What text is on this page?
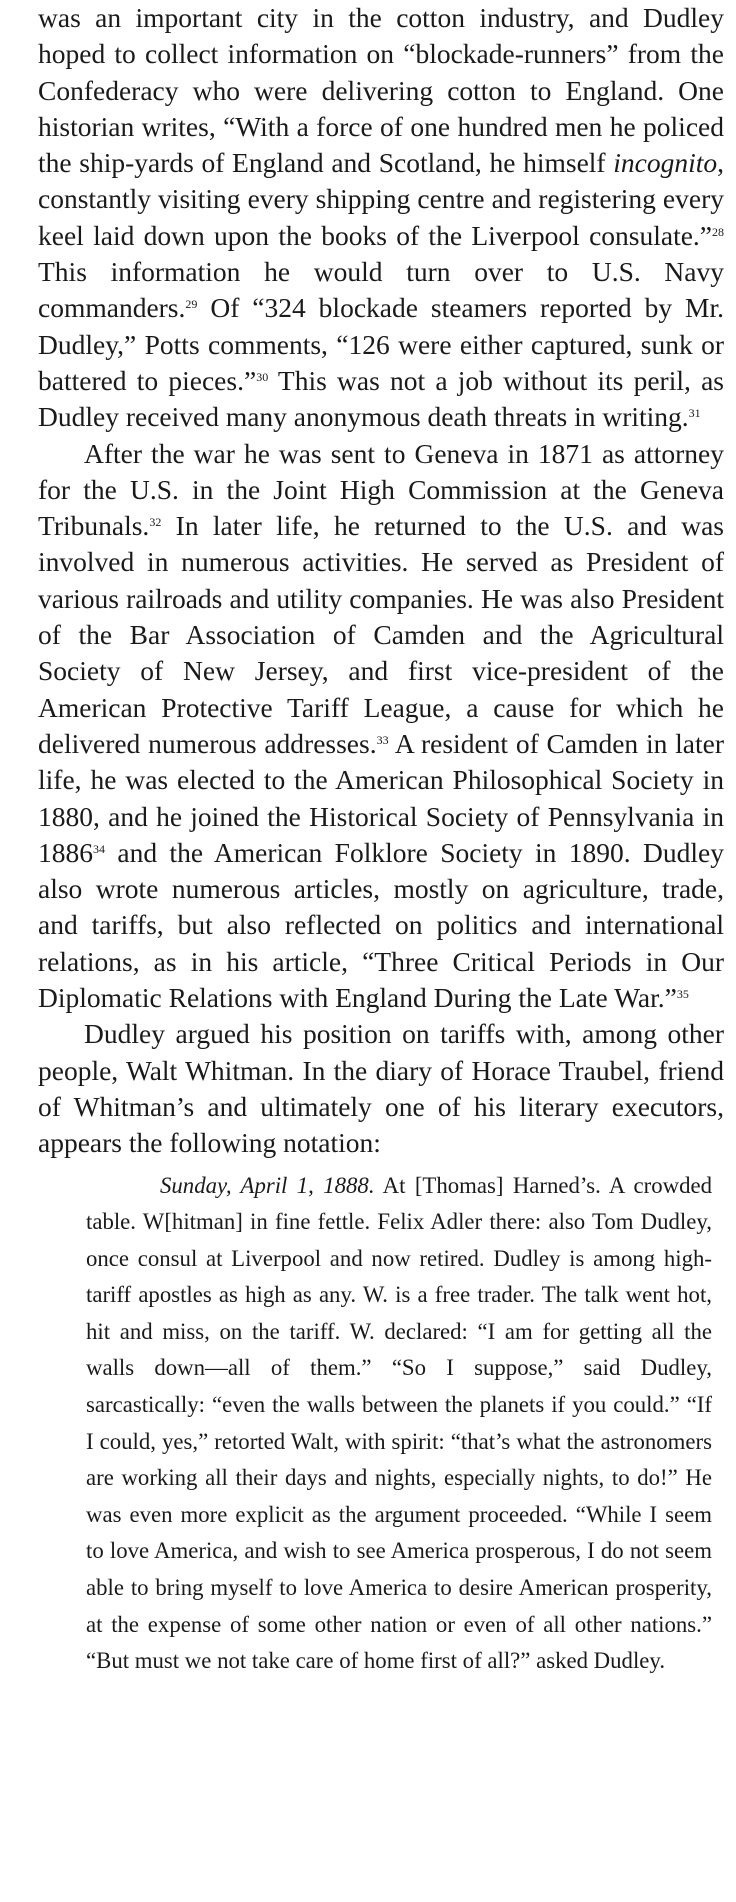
was an important city in the cotton industry, and Dudley hoped to collect information on “blockade-runners” from the Confederacy who were delivering cotton to England. One historian writes, “With a force of one hundred men he policed the ship-yards of England and Scotland, he himself incognito, constantly visiting every shipping centre and registering every keel laid down upon the books of the Liverpool consulate.”$^{28}$ This information he would turn over to U.S. Navy commanders.$^{29}$ Of “324 blockade steamers reported by Mr. Dudley,” Potts comments, “126 were either captured, sunk or battered to pieces.”$^{30}$ This was not a job without its peril, as Dudley received many anonymous death threats in writing.$^{31}$

After the war he was sent to Geneva in 1871 as attorney for the U.S. in the Joint High Commission at the Geneva Tribunals.$^{32}$ In later life, he returned to the U.S. and was involved in numerous activities. He served as President of various railroads and utility companies. He was also President of the Bar Association of Camden and the Agricultural Society of New Jersey, and first vice-president of the American Protective Tariff League, a cause for which he delivered numerous addresses.$^{33}$ A resident of Camden in later life, he was elected to the American Philosophical Society in 1880, and he joined the Historical Society of Pennsylvania in 1886$^{34}$ and the American Folklore Society in 1890. Dudley also wrote numerous articles, mostly on agriculture, trade, and tariffs, but also reflected on politics and international relations, as in his article, “Three Critical Periods in Our Diplomatic Relations with England During the Late War.”$^{35}$

Dudley argued his position on tariffs with, among other people, Walt Whitman. In the diary of Horace Traubel, friend of Whitman’s and ultimately one of his literary executors, appears the following notation:

Sunday, April 1, 1888. At [Thomas] Harned’s. A crowded table. W[hitman] in fine fettle. Felix Adler there: also Tom Dudley, once consul at Liverpool and now retired. Dudley is among high-tariff apostles as high as any. W. is a free trader. The talk went hot, hit and miss, on the tariff. W. declared: “I am for getting all the walls down—all of them.” “So I suppose,” said Dudley, sarcastically: “even the walls between the planets if you could.” “If I could, yes,” retorted Walt, with spirit: “that’s what the astronomers are working all their days and nights, especially nights, to do!” He was even more explicit as the argument proceeded. “While I seem to love America, and wish to see America prosperous, I do not seem able to bring myself to love America to desire American prosperity, at the expense of some other nation or even of all other nations.” “But must we not take care of home first of all?” asked Dudley.
